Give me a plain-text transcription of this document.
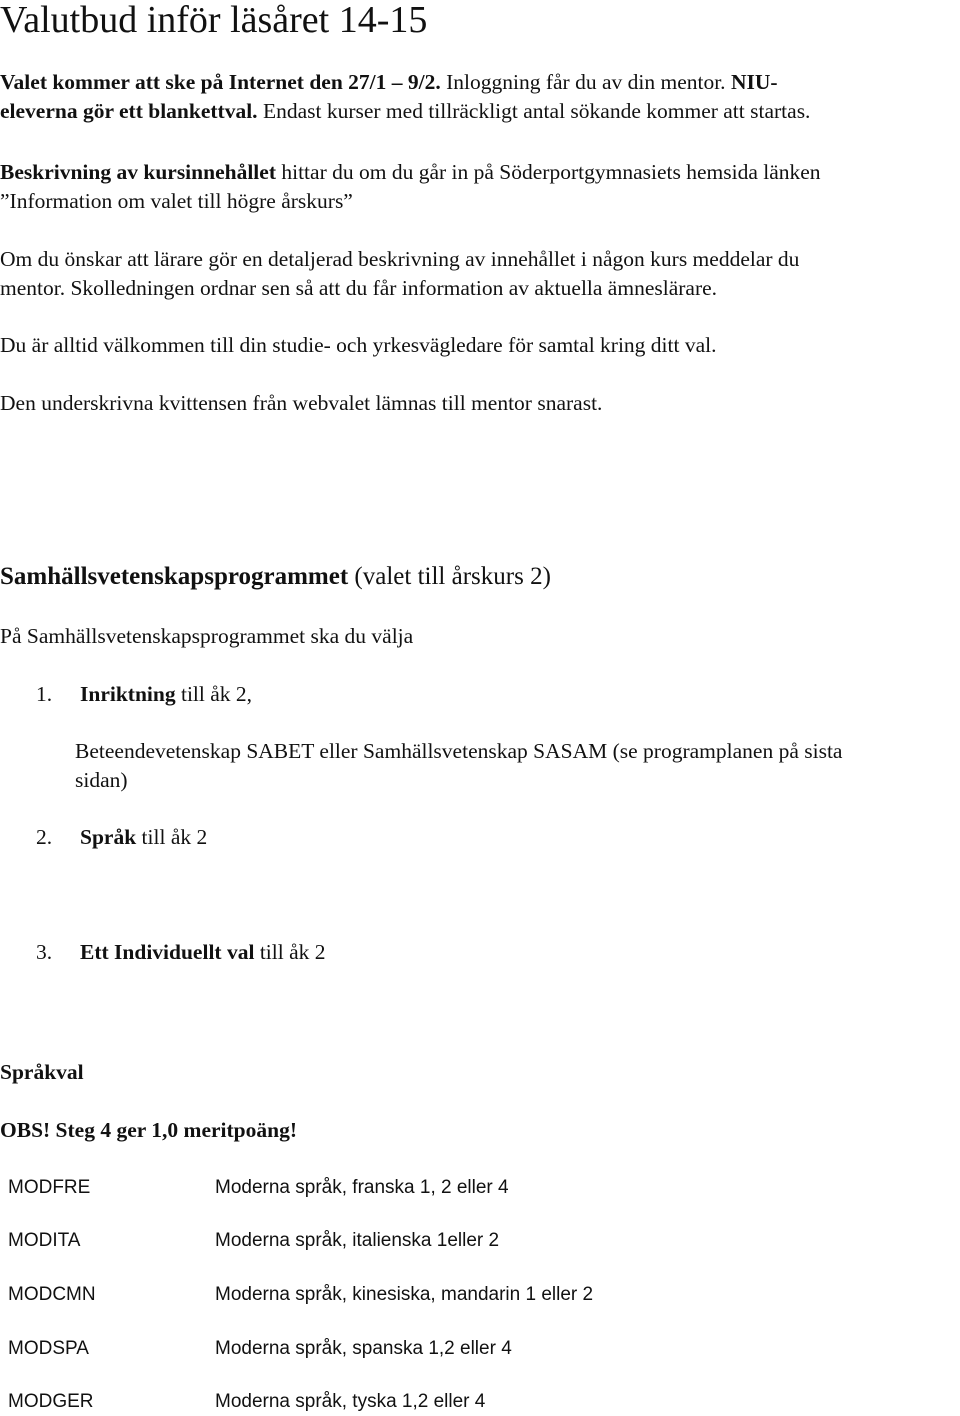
Valutbud inför läsåret 14-15
Valet kommer att ske på Internet den 27/1 – 9/2. Inloggning får du av din mentor. NIU-
eleverna gör ett blankettval. Endast kurser med tillräckligt antal sökande kommer att startas.
Beskrivning av kursinnehållet hittar du om du går in på Söderportgymnasiets hemsida länken
”Information om valet till högre årskurs”
Om du önskar att lärare gör en detaljerad beskrivning av innehållet i någon kurs meddelar du
mentor. Skolledningen ordnar sen så att du får information av aktuella ämneslärare.
Du är alltid välkommen till din studie- och yrkesvägledare för samtal kring ditt val.
Den underskrivna kvittensen från webvalet lämnas till mentor snarast.
Samhällsvetenskapsprogrammet (valet till årskurs 2)
På Samhällsvetenskapsprogrammet ska du välja
1. Inriktning till åk 2,
Beteendevetenskap SABET eller Samhällsvetenskap SASAM (se programplanen på sista
sidan)
2. Språk till åk 2
3. Ett Individuellt val till åk 2
Språkval
OBS! Steg 4 ger 1,0 meritpoäng!
MODFRE	Moderna språk, franska 1, 2 eller 4
MODITA	Moderna språk, italienska 1eller 2
MODCMN	Moderna språk, kinesiska, mandarin 1 eller 2
MODSPA	Moderna språk, spanska 1,2 eller 4
MODGER	Moderna språk, tyska 1,2 eller 4
